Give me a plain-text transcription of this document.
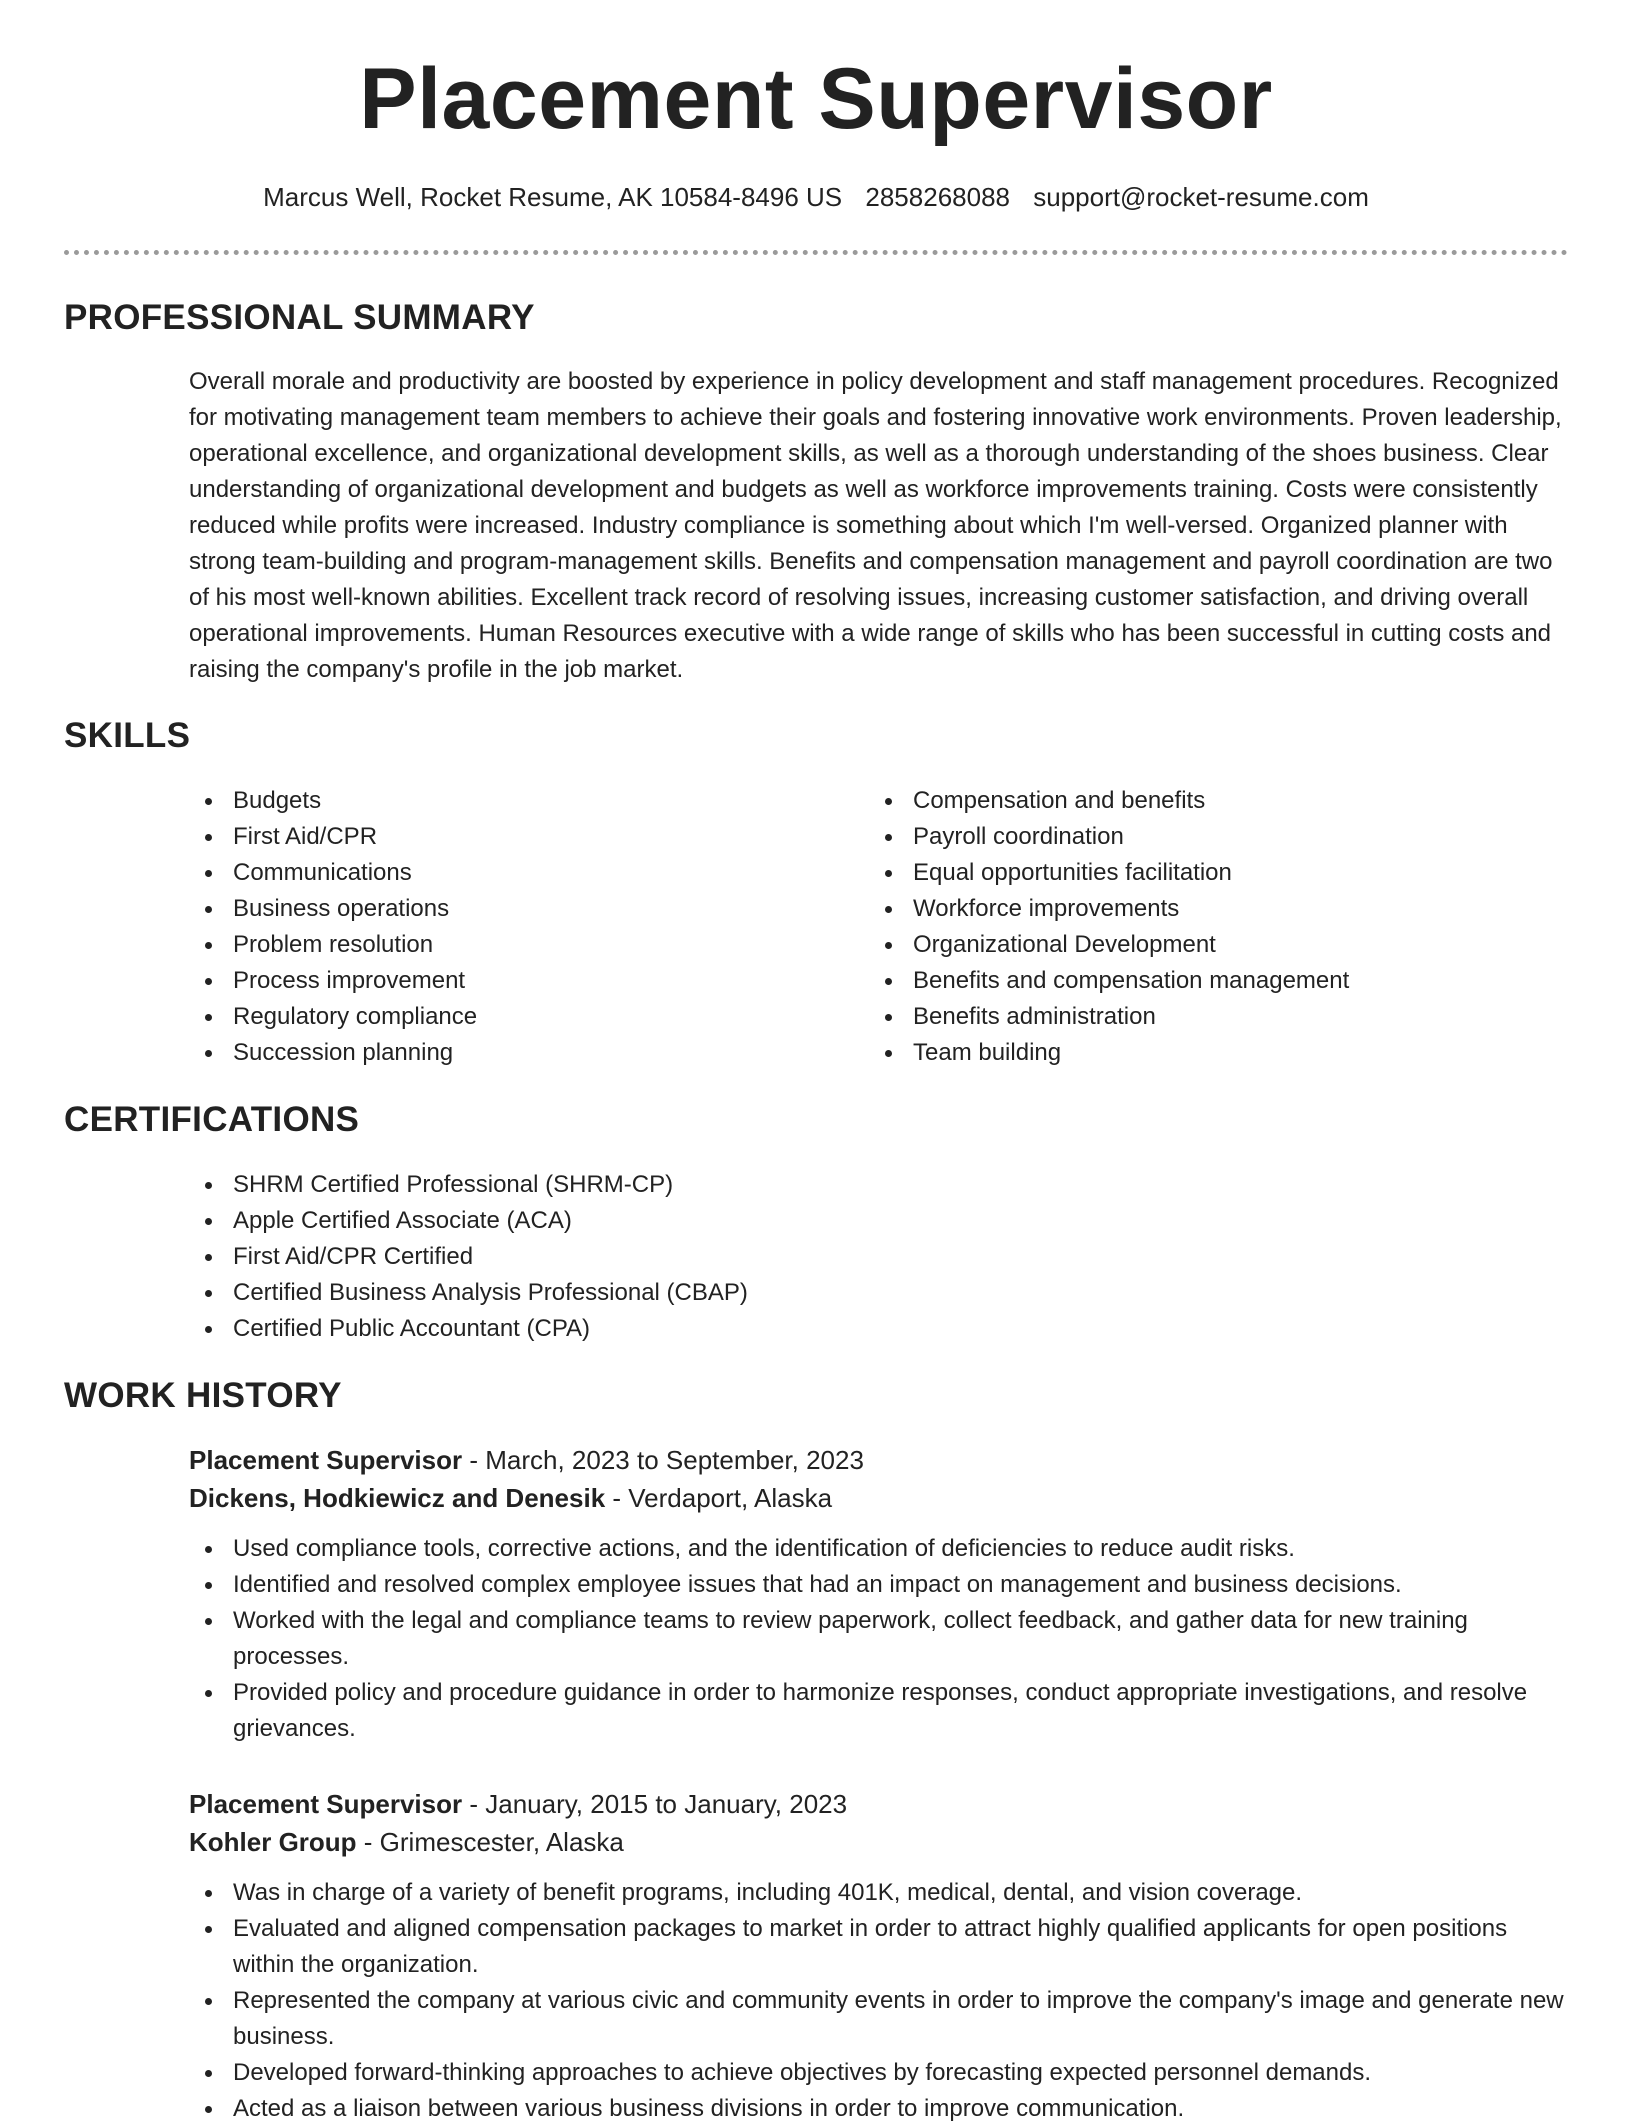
Placement Supervisor
Marcus Well, Rocket Resume, AK 10584-8496 US 2858268088 support@rocket-resume.com
PROFESSIONAL SUMMARY
Overall morale and productivity are boosted by experience in policy development and staff management procedures. Recognized for motivating management team members to achieve their goals and fostering innovative work environments. Proven leadership, operational excellence, and organizational development skills, as well as a thorough understanding of the shoes business. Clear understanding of organizational development and budgets as well as workforce improvements training. Costs were consistently reduced while profits were increased. Industry compliance is something about which I'm well-versed. Organized planner with strong team-building and program-management skills. Benefits and compensation management and payroll coordination are two of his most well-known abilities. Excellent track record of resolving issues, increasing customer satisfaction, and driving overall operational improvements. Human Resources executive with a wide range of skills who has been successful in cutting costs and raising the company's profile in the job market.
SKILLS
Budgets
First Aid/CPR
Communications
Business operations
Problem resolution
Process improvement
Regulatory compliance
Succession planning
Compensation and benefits
Payroll coordination
Equal opportunities facilitation
Workforce improvements
Organizational Development
Benefits and compensation management
Benefits administration
Team building
CERTIFICATIONS
SHRM Certified Professional (SHRM-CP)
Apple Certified Associate (ACA)
First Aid/CPR Certified
Certified Business Analysis Professional (CBAP)
Certified Public Accountant (CPA)
WORK HISTORY
Placement Supervisor - March, 2023 to September, 2023
Dickens, Hodkiewicz and Denesik - Verdaport, Alaska
Used compliance tools, corrective actions, and the identification of deficiencies to reduce audit risks.
Identified and resolved complex employee issues that had an impact on management and business decisions.
Worked with the legal and compliance teams to review paperwork, collect feedback, and gather data for new training processes.
Provided policy and procedure guidance in order to harmonize responses, conduct appropriate investigations, and resolve grievances.
Placement Supervisor - January, 2015 to January, 2023
Kohler Group - Grimescester, Alaska
Was in charge of a variety of benefit programs, including 401K, medical, dental, and vision coverage.
Evaluated and aligned compensation packages to market in order to attract highly qualified applicants for open positions within the organization.
Represented the company at various civic and community events in order to improve the company's image and generate new business.
Developed forward-thinking approaches to achieve objectives by forecasting expected personnel demands.
Acted as a liaison between various business divisions in order to improve communication.
